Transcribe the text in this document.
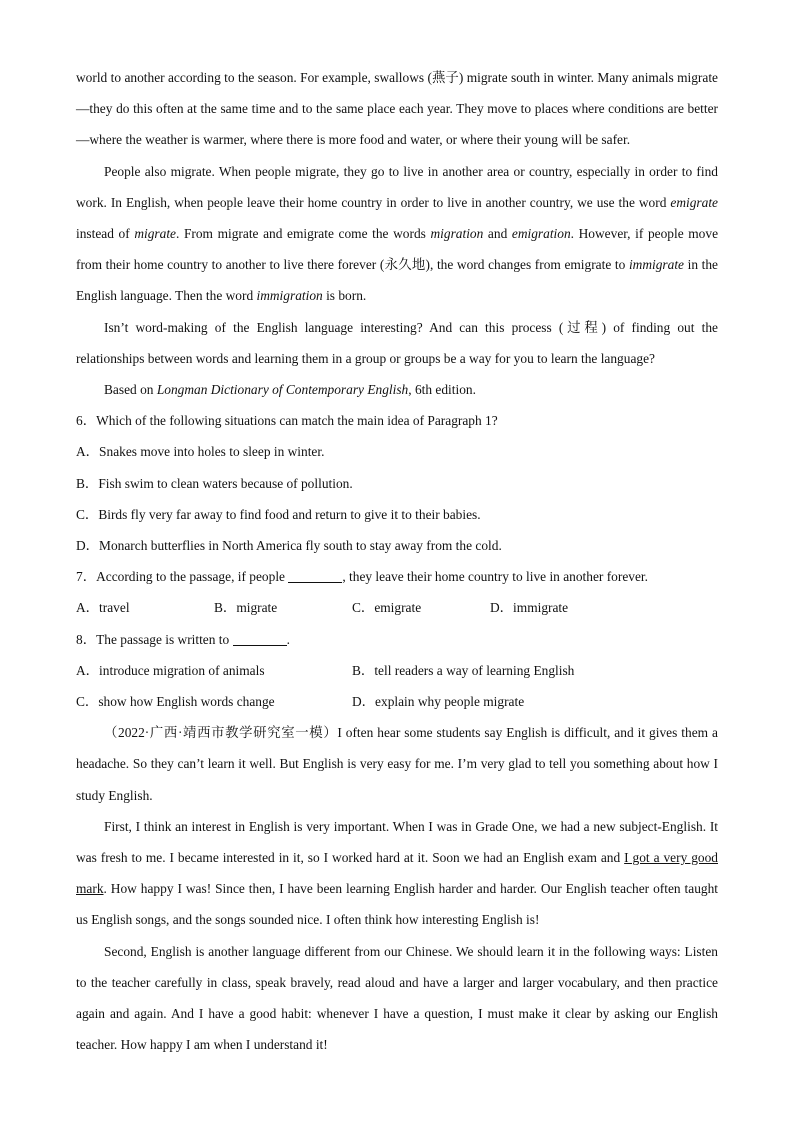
world to another according to the season. For example, swallows (燕子) migrate south in winter. Many animals migrate—they do this often at the same time and to the same place each year. They move to places where conditions are better—where the weather is warmer, where there is more food and water, or where their young will be safer.

People also migrate. When people migrate, they go to live in another area or country, especially in order to find work. In English, when people leave their home country in order to live in another country, we use the word emigrate instead of migrate. From migrate and emigrate come the words migration and emigration. However, if people move from their home country to another to live there forever (永久地), the word changes from emigrate to immigrate in the English language. Then the word immigration is born.

Isn’t word-making of the English language interesting? And can this process (过程) of finding out the relationships between words and learning them in a group or groups be a way for you to learn the language?

Based on Longman Dictionary of Contemporary English, 6th edition.

6．Which of the following situations can match the main idea of Paragraph 1?

A．Snakes move into holes to sleep in winter.

B．Fish swim to clean waters because of pollution.

C．Birds fly very far away to find food and return to give it to their babies.

D．Monarch butterflies in North America fly south to stay away from the cold.

7．According to the passage, if people	, they leave their home country to live in another forever.

A．travel	B．migrate	C．emigrate	D．immigrate

8．The passage is written to	.

A．introduce migration of animals	B．tell readers a way of learning English
C．show how English words change	D．explain why people migrate

（2022·广西·靖西市教学研究室一模）I often hear some students say English is difficult, and it gives them a headache. So they can’t learn it well. But English is very easy for me. I’m very glad to tell you something about how I study English.

First, I think an interest in English is very important. When I was in Grade One, we had a new subject-English. It was fresh to me. I became interested in it, so I worked hard at it. Soon we had an English exam and I got a very good mark. How happy I was! Since then, I have been learning English harder and harder. Our English teacher often taught us English songs, and the songs sounded nice. I often think how interesting English is!

Second, English is another language different from our Chinese. We should learn it in the following ways: Listen to the teacher carefully in class, speak bravely, read aloud and have a larger and larger vocabulary, and then practice again and again. And I have a good habit: whenever I have a question, I must make it clear by asking our English teacher. How happy I am when I understand it!
